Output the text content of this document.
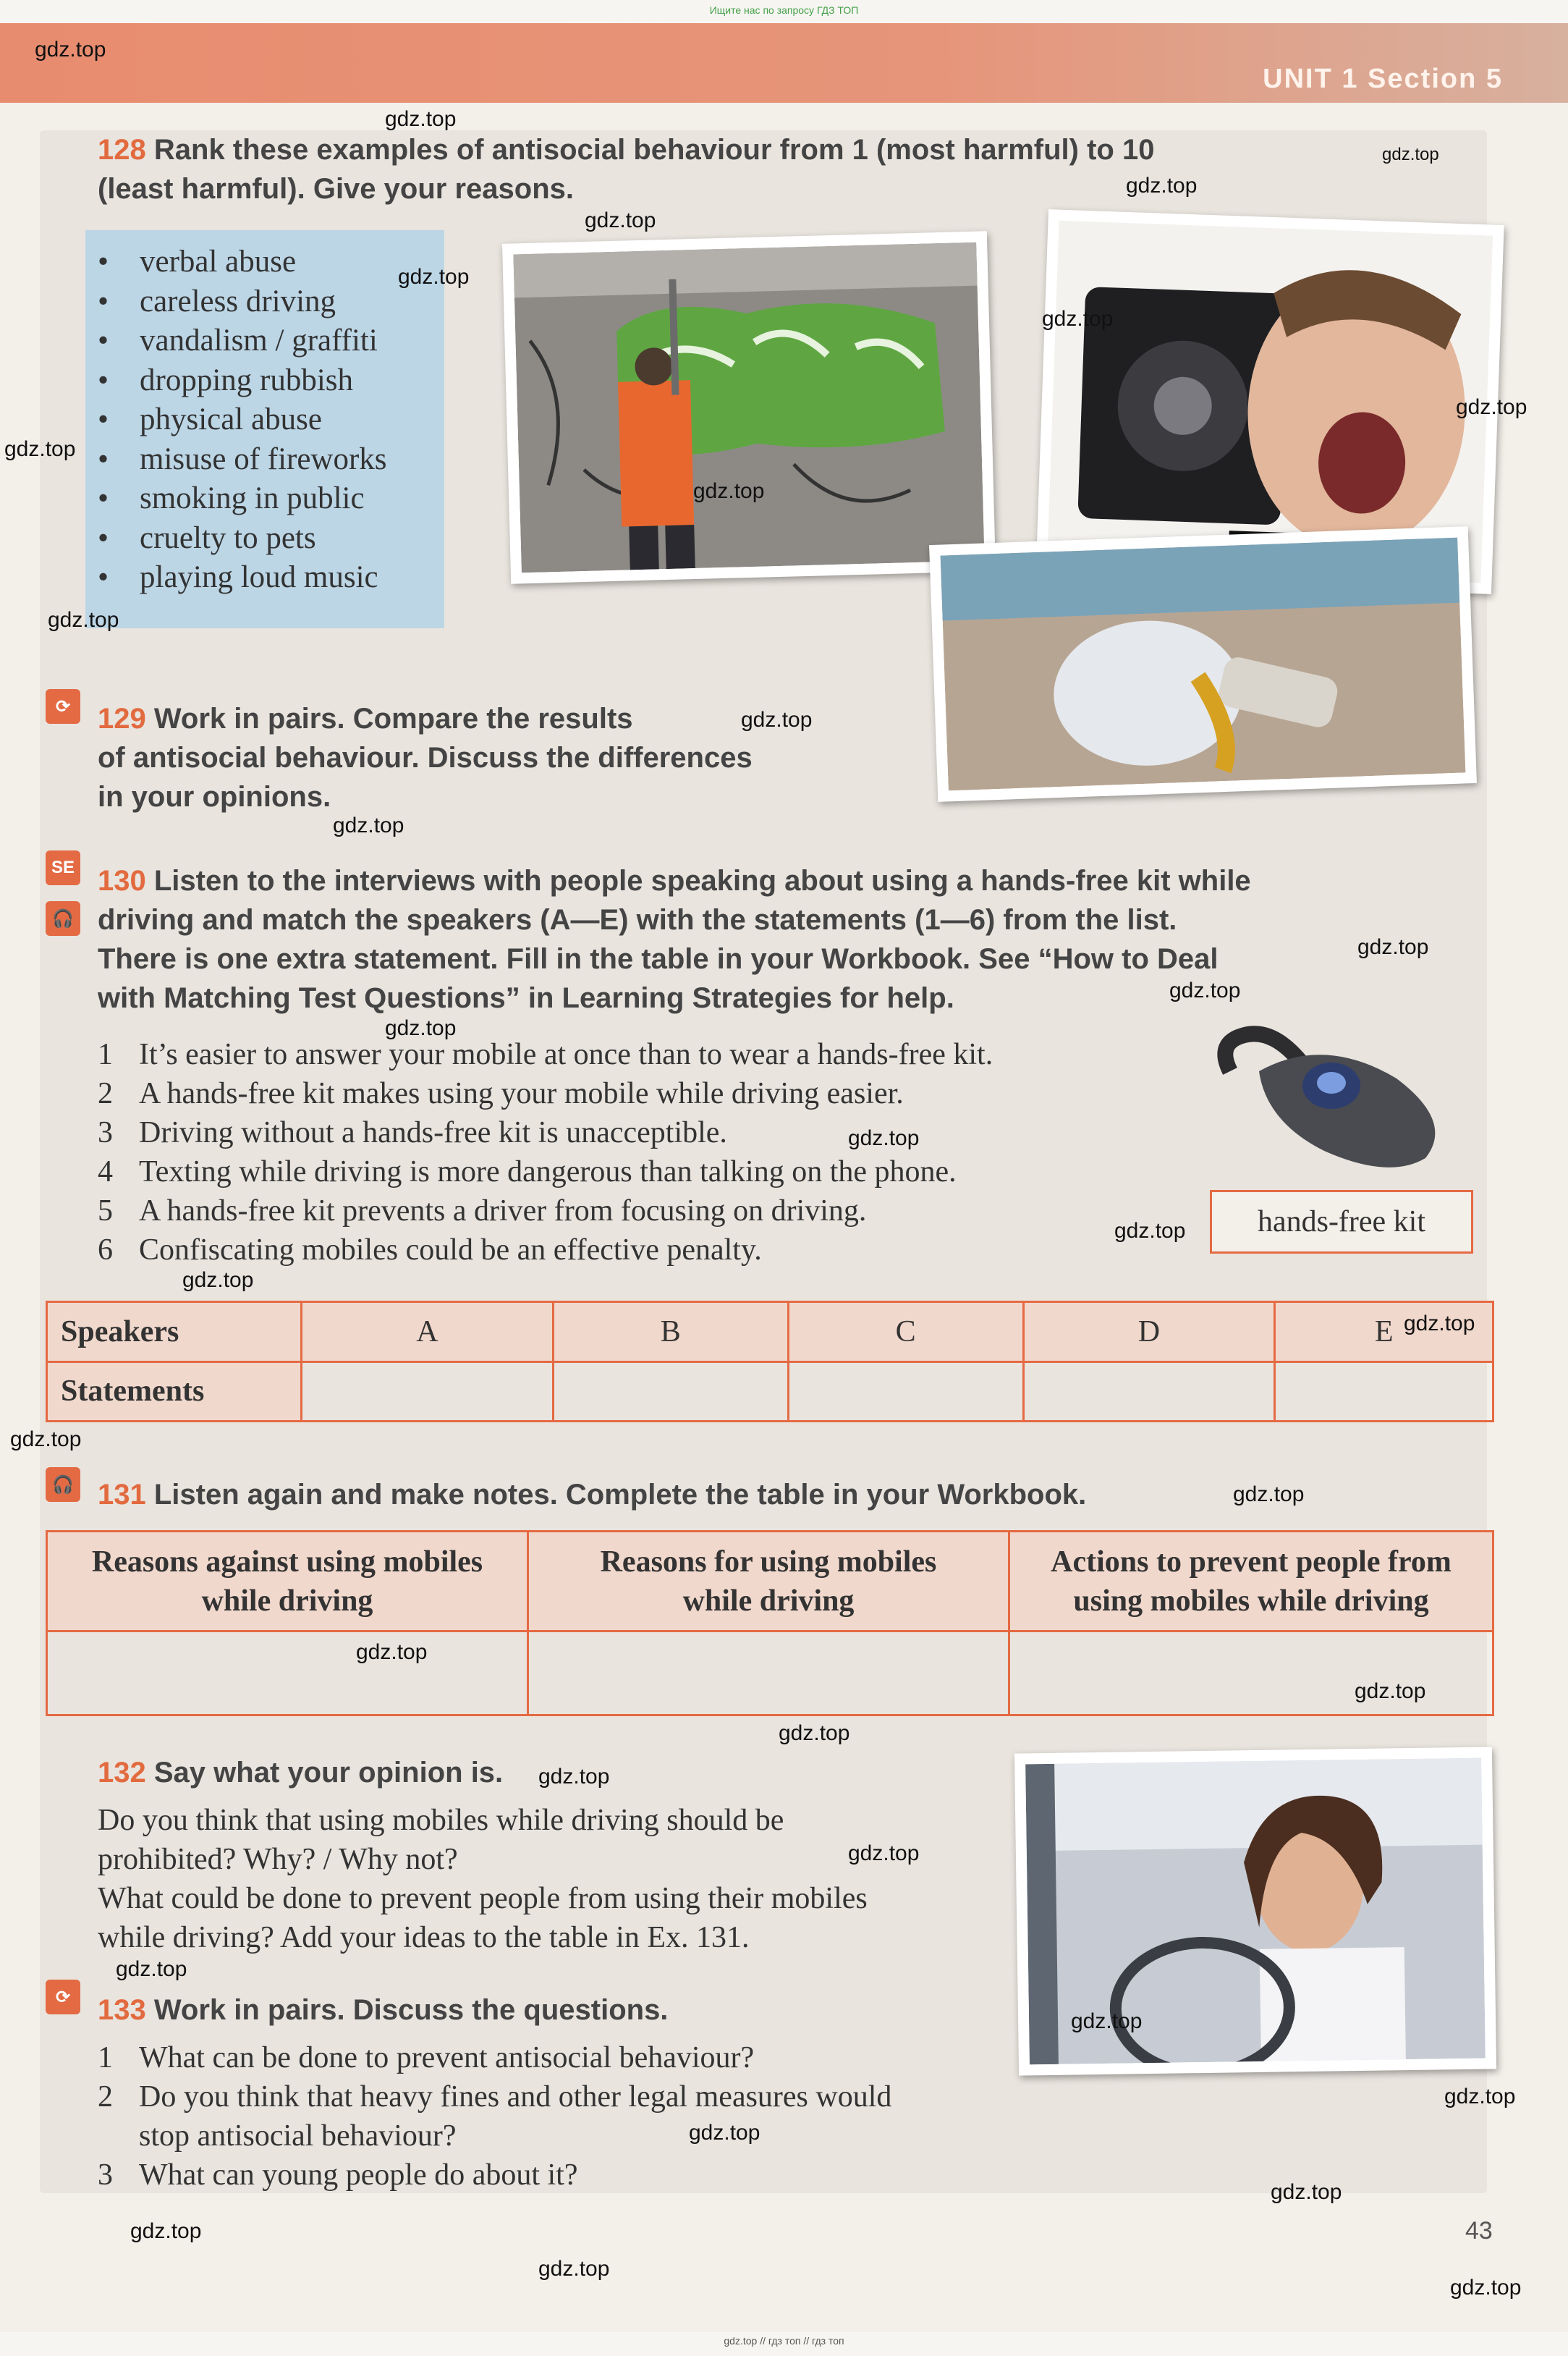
Ищите нас по запросу ГДЗ ТОП
UNIT 1 Section 5
128 Rank these examples of antisocial behaviour from 1 (most harmful) to 10
(least harmful). Give your reasons.
• verbal abuse
• careless driving
• vandalism / graffiti
• dropping rubbish
• physical abuse
• misuse of fireworks
• smoking in public
• cruelty to pets
• playing loud music
⟳ 129 Work in pairs. Compare the results
of antisocial behaviour. Discuss the differences
in your opinions.
SE
🎧
130 Listen to the interviews with people speaking about using a hands-free kit while
driving and match the speakers (A—E) with the statements (1—6) from the list.
There is one extra statement. Fill in the table in your Workbook. See “How to Deal
with Matching Test Questions” in Learning Strategies for help.
1 It’s easier to answer your mobile at once than to wear a hands-free kit.
2 A hands-free kit makes using your mobile while driving easier.
3 Driving without a hands-free kit is unacceptible.
4 Texting while driving is more dangerous than talking on the phone.
5 A hands-free kit prevents a driver from focusing on driving.
6 Confiscating mobiles could be an effective penalty.
hands-free kit
Speakers	A	B	C	D	E
Statements					
🎧 131 Listen again and make notes. Complete the table in your Workbook.
Reasons against using mobiles
while driving	Reasons for using mobiles
while driving	Actions to prevent people from
using mobiles while driving

132 Say what your opinion is.
Do you think that using mobiles while driving should be
prohibited? Why? / Why not?
What could be done to prevent people from using their mobiles
while driving? Add your ideas to the table in Ex. 131.
⟳ 133 Work in pairs. Discuss the questions.
1 What can be done to prevent antisocial behaviour?
2 Do you think that heavy fines and other legal measures would
stop antisocial behaviour?
3 What can young people do about it?
43
gdz.top // гдз топ // гдз топ
gdz.top
gdz.top
gdz.top
gdz.top
gdz.top
gdz.top
gdz.top
gdz.top
gdz.top
gdz.top
gdz.top
gdz.top
gdz.top
gdz.top
gdz.top
gdz.top
gdz.top
gdz.top
gdz.top
gdz.top
gdz.top
gdz.top
gdz.top
gdz.top
gdz.top
gdz.top
gdz.top
gdz.top
gdz.top
gdz.top
gdz.top
gdz.top
gdz.top
gdz.top
gdz.top
